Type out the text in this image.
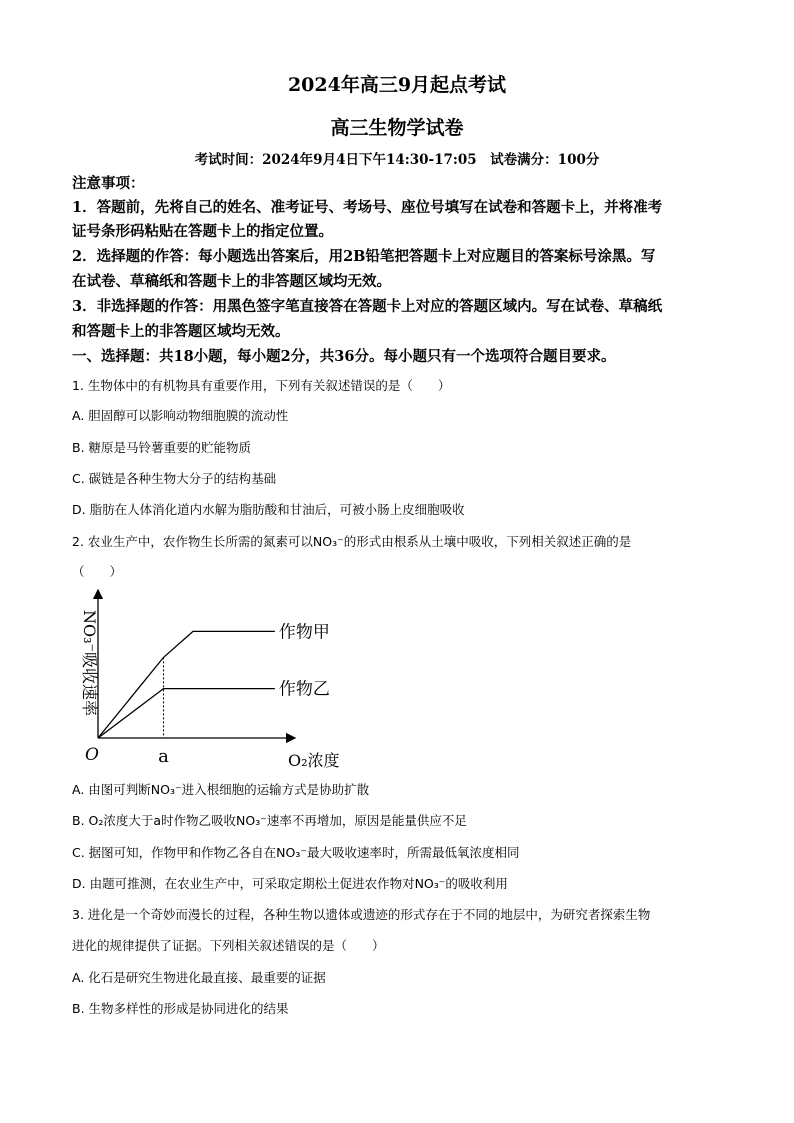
2024年高三9月起点考试
高三生物学试卷
考试时间：2024年9月4日下午14:30-17:05　试卷满分：100分
注意事项：
1．答题前，先将自己的姓名、准考证号、考场号、座位号填写在试卷和答题卡上，并将准考
证号条形码粘贴在答题卡上的指定位置。
2．选择题的作答：每小题选出答案后，用2B铅笔把答题卡上对应题目的答案标号涂黑。写
在试卷、草稿纸和答题卡上的非答题区域均无效。
3．非选择题的作答：用黑色签字笔直接答在答题卡上对应的答题区域内。写在试卷、草稿纸
和答题卡上的非答题区域均无效。
一、选择题：共18小题，每小题2分，共36分。每小题只有一个选项符合题目要求。
1. 生物体中的有机物具有重要作用，下列有关叙述错误的是（　　）
A. 胆固醇可以影响动物细胞膜的流动性
B. 糖原是马铃薯重要的贮能物质
C. 碳链是各种生物大分子的结构基础
D. 脂肪在人体消化道内水解为脂肪酸和甘油后，可被小肠上皮细胞吸收
2. 农业生产中，农作物生长所需的氮素可以NO₃⁻的形式由根系从土壤中吸收，下列相关叙述正确的是
（　　）
作物甲
作物乙
O	a	O₂浓度
NO₃⁻吸收速率
A. 由图可判断NO₃⁻进入根细胞的运输方式是协助扩散
B. O₂浓度大于a时作物乙吸收NO₃⁻速率不再增加，原因是能量供应不足
C. 据图可知，作物甲和作物乙各自在NO₃⁻最大吸收速率时，所需最低氧浓度相同
D. 由题可推测，在农业生产中，可采取定期松土促进农作物对NO₃⁻的吸收利用
3. 进化是一个奇妙而漫长的过程，各种生物以遗体或遗迹的形式存在于不同的地层中，为研究者探索生物
进化的规律提供了证据。下列相关叙述错误的是（　　）
A. 化石是研究生物进化最直接、最重要的证据
B. 生物多样性的形成是协同进化的结果
